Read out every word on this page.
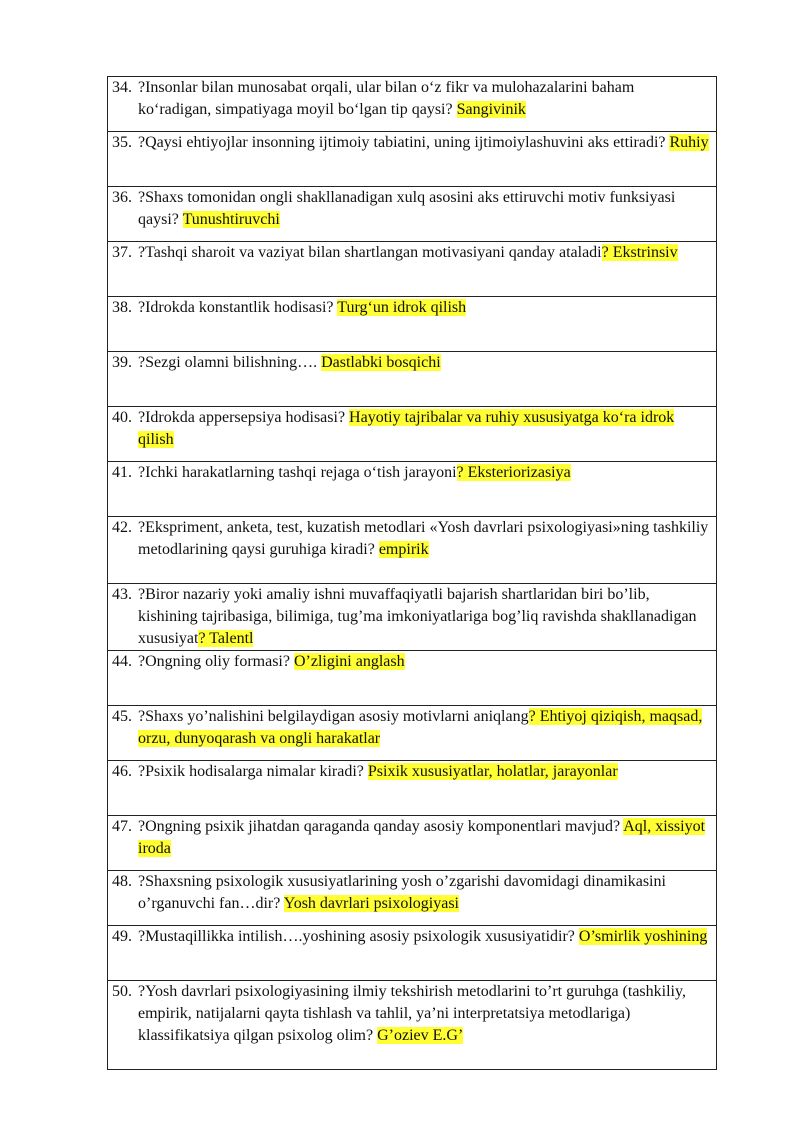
34. ?Insonlar bilan munosabat orqali, ular bilan o‘z fikr va mulohazalarini baham ko‘radigan, simpatiyaga moyil bo‘lgan tip qaysi? Sangivinik
35. ?Qaysi ehtiyojlar insonning ijtimoiy tabiatini, uning ijtimoiylashuvini aks ettiradi? Ruhiy
36. ?Shaxs tomonidan ongli shakllanadigan xulq asosini aks ettiruvchi motiv funksiyasi qaysi? Tunushtiruvchi
37. ?Tashqi sharoit va vaziyat bilan shartlangan motivasiyani qanday ataladi? Ekstrinsiv
38. ?Idrokda konstantlik hodisasi? Turg‘un idrok qilish
39. ?Sezgi olamni bilishning…. Dastlabki bosqichi
40. ?Idrokda appersepsiya hodisasi? Hayotiy tajribalar va ruhiy xususiyatga ko‘ra idrok qilish
41. ?Ichki harakatlarning tashqi rejaga o‘tish jarayoni? Eksteriorizasiya
42. ?Ekspriment, anketa, test, kuzatish metodlari «Yosh davrlari psixologiyasi»ning tashkiliy metodlarining qaysi guruhiga kiradi? empirik
43. ?Biror nazariy yoki amaliy ishni muvaffaqiyatli bajarish shartlaridan biri bo’lib, kishining tajribasiga, bilimiga, tug’ma imkoniyatlariga bog’liq ravishda shakllanadigan xususiyat? Talentl
44. ?Ongning oliy formasi? O’zligini anglash
45. ?Shaxs yo’nalishini belgilaydigan asosiy motivlarni aniqlang? Ehtiyoj qiziqish, maqsad, orzu, dunyoqarash va ongli harakatlar
46. ?Psixik hodisalarga nimalar kiradi? Psixik xususiyatlar, holatlar, jarayonlar
47. ?Ongning psixik jihatdan qaraganda qanday asosiy komponentlari mavjud? Aql, xissiyot iroda
48. ?Shaxsning psixologik xususiyatlarining yosh o’zgarishi davomidagi dinamikasini o’rganuvchi fan…dir? Yosh davrlari psixologiyasi
49. ?Mustaqillikka intilish….yoshining asosiy psixologik xususiyatidir? O’smirlik yoshining
50. ?Yosh davrlari psixologiyasining ilmiy tekshirish metodlarini to’rt guruhga (tashkiliy, empirik, natijalarni qayta tishlash va tahlil, ya’ni interpretatsiya metodlariga) klassifikatsiya qilgan psixolog olim? G’oziev E.G’
